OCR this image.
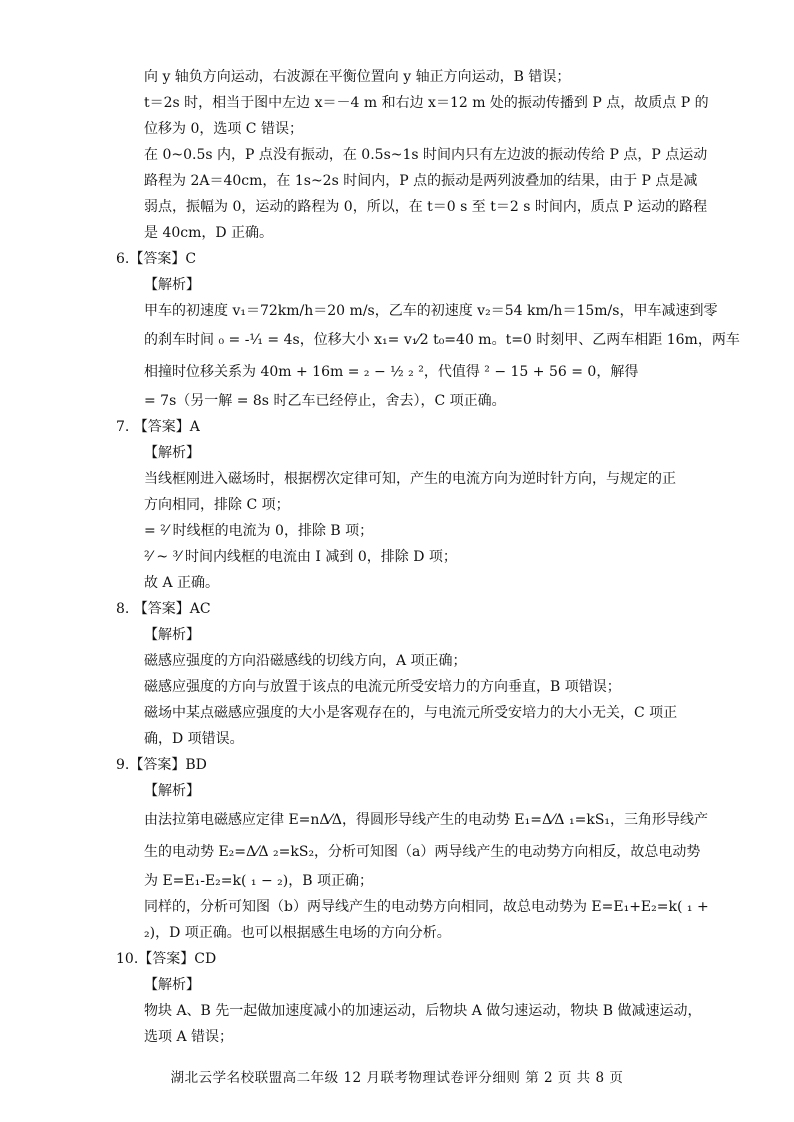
向 y 轴负方向运动，右波源在平衡位置向 y 轴正方向运动，B 错误；
t＝2s 时，相当于图中左边 x＝－4 m 和右边 x＝12 m 处的振动传播到 P 点，故质点 P 的
位移为 0，选项 C 错误；
在 0~0.5s 内，P 点没有振动，在 0.5s~1s 时间内只有左边波的振动传给 P 点，P 点运动
路程为 2A＝40cm，在 1s~2s 时间内，P 点的振动是两列波叠加的结果，由于 P 点是减
弱点，振幅为 0，运动的路程为 0，所以，在 t＝0 s 至 t＝2 s 时间内，质点 P 运动的路程
是 40cm，D 正确。
6.【答案】C
【解析】
甲车的初速度 v₁＝72km/h＝20 m/s，乙车的初速度 v₂＝54 km/h＝15m/s，甲车减速到零
的刹车时间 ₀ = -¹⁄₁ = 4s，位移大小 x₁= v₁⁄2 t₀=40 m。t=0 时刻甲、乙两车相距 16m，两车
相撞时位移关系为 40m + 16m = ₂ − ½ ₂ ²，代值得 ² − 15 + 56 = 0，解得
= 7s（另一解 = 8s 时乙车已经停止，舍去），C 项正确。
7. 【答案】A
【解析】
当线框刚进入磁场时，根据楞次定律可知，产生的电流方向为逆时针方向，与规定的正
方向相同，排除 C 项；
= ²⁄ 时线框的电流为 0，排除 B 项；
²⁄ ~ ³⁄ 时间内线框的电流由 I 减到 0，排除 D 项；
故 A 正确。
8. 【答案】AC
【解析】
磁感应强度的方向沿磁感线的切线方向，A 项正确；
磁感应强度的方向与放置于该点的电流元所受安培力的方向垂直，B 项错误；
磁场中某点磁感应强度的大小是客观存在的，与电流元所受安培力的大小无关，C 项正
确，D 项错误。
9.【答案】BD
【解析】
由法拉第电磁感应定律 E=nΔ⁄Δ，得圆形导线产生的电动势 E₁=Δ⁄Δ ₁=kS₁，三角形导线产
生的电动势 E₂=Δ⁄Δ ₂=kS₂，分析可知图（a）两导线产生的电动势方向相反，故总电动势
为 E=E₁-E₂=k( ₁ − ₂)，B 项正确；
同样的，分析可知图（b）两导线产生的电动势方向相同，故总电动势为 E=E₁+E₂=k( ₁ +
₂)，D 项正确。也可以根据感生电场的方向分析。
10.【答案】CD
【解析】
物块 A、B 先一起做加速度减小的加速运动，后物块 A 做匀速运动，物块 B 做减速运动，
选项 A 错误；
湖北云学名校联盟高二年级 12 月联考物理试卷评分细则 第 2 页 共 8 页
